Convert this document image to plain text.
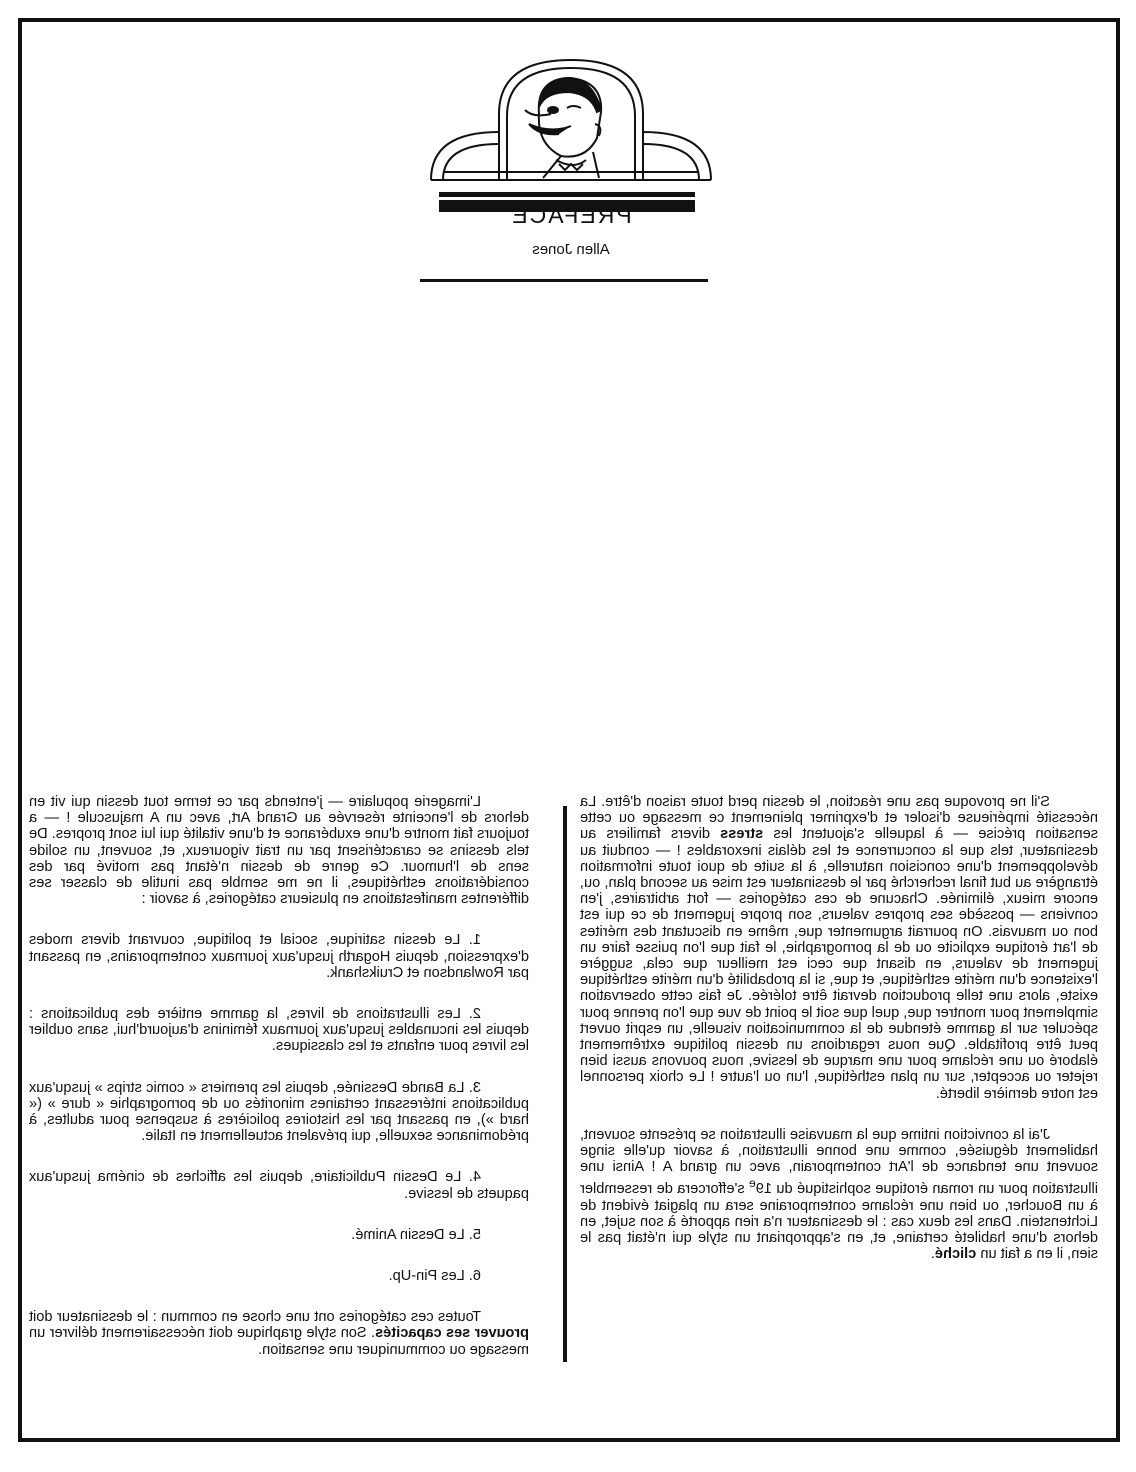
PREFACE
Allen Jones

L'imagerie populaire — j'entends par ce terme tout dessin qui vit en dehors de l'enceinte réservée au Grand Art, avec un A majuscule ! — a toujours fait montre d'une exubérance et d'une vitalité qui lui sont propres. De tels dessins se caractérisent par un trait vigoureux, et, souvent, un solide sens de l'humour. Ce genre de dessin n'étant pas motivé par des considérations esthétiques, il ne me semble pas inutile de classer ses différentes manifestations en plusieurs catégories, à savoir :

1. Le dessin satirique, social et politique, couvrant divers modes d'expression, depuis Hogarth jusqu'aux journaux contemporains, en passant par Rowlandson et Cruikshank.

2. Les illustrations de livres, la gamme entière des publications : depuis les incunables jusqu'aux journaux féminins d'aujourd'hui, sans oublier les livres pour enfants et les classiques.

3. La Bande Dessinée, depuis les premiers « comic strips » jusqu'aux publications intéressant certaines minorités ou de pornographie « dure » (« hard »), en passant par les histoires policières à suspense pour adultes, à prédominance sexuelle, qui prévalent actuellement en Italie.

4. Le Dessin Publicitaire, depuis les affiches de cinéma jusqu'aux paquets de lessive.

5. Le Dessin Animé.

6. Les Pin-Up.

Toutes ces catégories ont une chose en commun : le dessinateur doit prouver ses capacités. Son style graphique doit nécessairement délivrer un message ou communiquer une sensation.

S'il ne provoque pas une réaction, le dessin perd toute raison d'être. La nécessité impérieuse d'isoler et d'exprimer pleinement ce message ou cette sensation précise — à laquelle s'ajoutent les stress divers familiers au dessinateur, tels que la concurrence et les délais inexorables ! — conduit au développement d'une concision naturelle, à la suite de quoi toute information étrangère au but final recherché par le dessinateur est mise au second plan, ou, encore mieux, éliminée. Chacune de ces catégories — fort arbitraires, j'en conviens — possède ses propres valeurs, son propre jugement de ce qui est bon ou mauvais. On pourrait argumenter que, même en discutant des mérites de l'art érotique explicite ou de la pornographie, le fait que l'on puisse faire un jugement de valeurs, en disant que ceci est meilleur que cela, suggère l'existence d'un mérite esthétique, et que, si la probabilité d'un mérite esthétique existe, alors une telle production devrait être tolérée. Je fais cette observation simplement pour montrer que, quel que soit le point de vue que l'on prenne pour spéculer sur la gamme étendue de la communication visuelle, un esprit ouvert peut être profitable. Que nous regardions un dessin politique extrêmement élaboré ou une réclame pour une marque de lessive, nous pouvons aussi bien rejeter ou accepter, sur un plan esthétique, l'un ou l'autre ! Le choix personnel est notre dernière liberté.

J'ai la conviction intime que la mauvaise illustration se présente souvent, habilement déguisée, comme une bonne illustration, à savoir qu'elle singe souvent une tendance de l'Art contemporain, avec un grand A ! Ainsi une illustration pour un roman érotique sophistiqué du 19e s'efforcera de ressembler à un Boucher, ou bien une réclame contemporaine sera un plagiat évident de Lichtenstein. Dans les deux cas : le dessinateur n'a rien apporté à son sujet, en dehors d'une habileté certaine, et, en s'appropriant un style qui n'était pas le sien, il en a fait un cliché.
